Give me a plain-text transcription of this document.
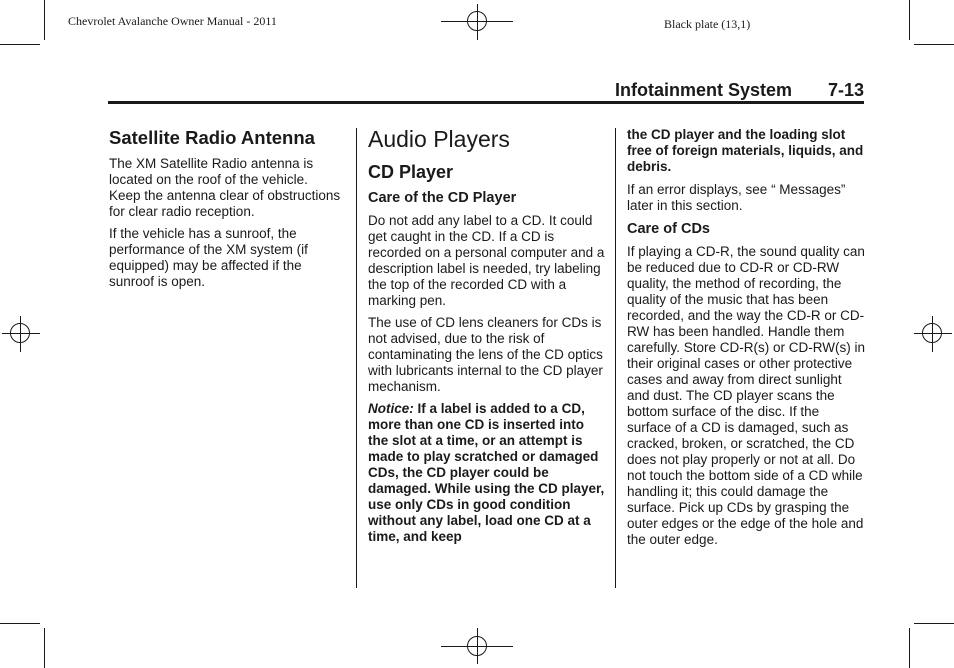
Chevrolet Avalanche Owner Manual - 2011	Black plate (13,1)
Infotainment System 7-13
Satellite Radio Antenna

The XM Satellite Radio antenna is located on the roof of the vehicle. Keep the antenna clear of obstructions for clear radio reception.

If the vehicle has a sunroof, the performance of the XM system (if equipped) may be affected if the sunroof is open.

Audio Players
CD Player
Care of the CD Player

Do not add any label to a CD. It could get caught in the CD. If a CD is recorded on a personal computer and a description label is needed, try labeling the top of the recorded CD with a marking pen.

The use of CD lens cleaners for CDs is not advised, due to the risk of contaminating the lens of the CD optics with lubricants internal to the CD player mechanism.

Notice: If a label is added to a CD, more than one CD is inserted into the slot at a time, or an attempt is made to play scratched or damaged CDs, the CD player could be damaged. While using the CD player, use only CDs in good condition without any label, load one CD at a time, and keep

the CD player and the loading slot free of foreign materials, liquids, and debris.

If an error displays, see “ Messages” later in this section.

Care of CDs

If playing a CD-R, the sound quality can be reduced due to CD-R or CD-RW quality, the method of recording, the quality of the music that has been recorded, and the way the CD-R or CD-RW has been handled. Handle them carefully. Store CD-R(s) or CD-RW(s) in their original cases or other protective cases and away from direct sunlight and dust. The CD player scans the bottom surface of the disc. If the surface of a CD is damaged, such as cracked, broken, or scratched, the CD does not play properly or not at all. Do not touch the bottom side of a CD while handling it; this could damage the surface. Pick up CDs by grasping the outer edges or the edge of the hole and the outer edge.
